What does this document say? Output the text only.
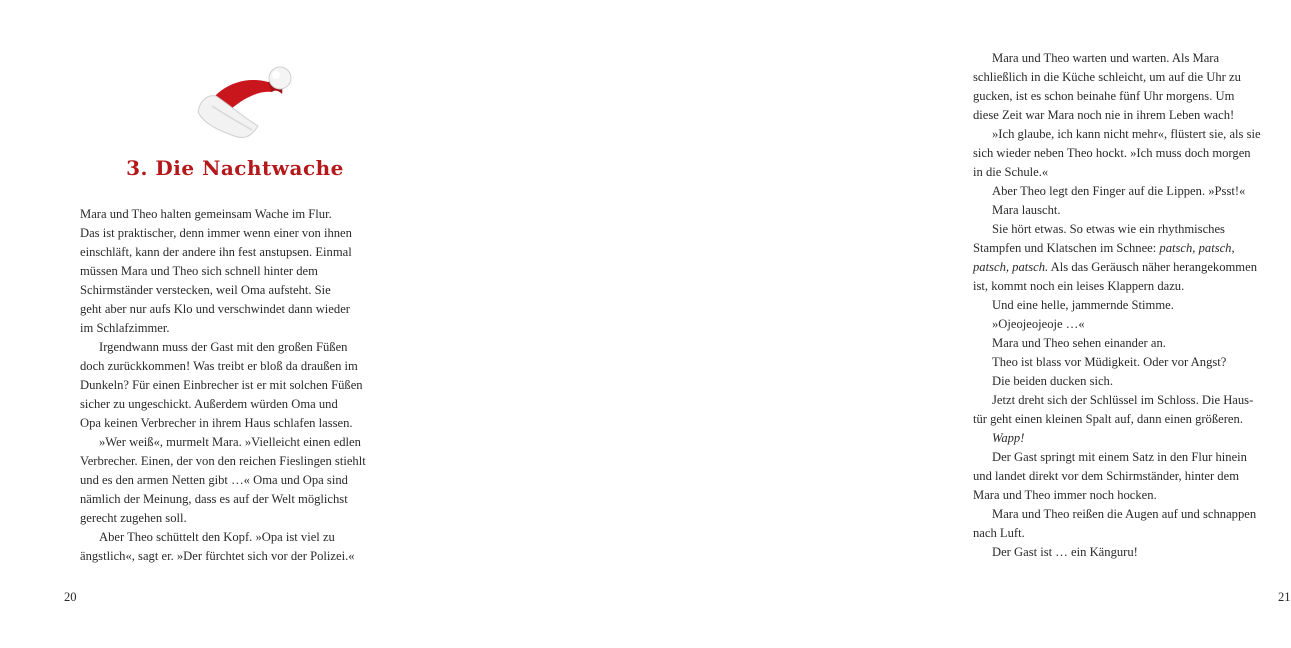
3. Die Nachtwache

Mara und Theo halten gemeinsam Wache im Flur.
Das ist praktischer, denn immer wenn einer von ihnen
einschläft, kann der andere ihn fest anstupsen. Einmal
müssen Mara und Theo sich schnell hinter dem
Schirmständer verstecken, weil Oma aufsteht. Sie
geht aber nur aufs Klo und verschwindet dann wieder
im Schlafzimmer.

Irgendwann muss der Gast mit den großen Füßen
doch zurückkommen! Was treibt er bloß da draußen im
Dunkeln? Für einen Einbrecher ist er mit solchen Füßen
sicher zu ungeschickt. Außerdem würden Oma und
Opa keinen Verbrecher in ihrem Haus schlafen lassen.

»Wer weiß«, murmelt Mara. »Vielleicht einen edlen
Verbrecher. Einen, der von den reichen Fieslingen stiehlt
und es den armen Netten gibt …« Oma und Opa sind
nämlich der Meinung, dass es auf der Welt möglichst
gerecht zugehen soll.

Aber Theo schüttelt den Kopf. »Opa ist viel zu
ängstlich«, sagt er. »Der fürchtet sich vor der Polizei.«

20

Mara und Theo warten und warten. Als Mara
schließlich in die Küche schleicht, um auf die Uhr zu
gucken, ist es schon beinahe fünf Uhr morgens. Um
diese Zeit war Mara noch nie in ihrem Leben wach!

»Ich glaube, ich kann nicht mehr«, flüstert sie, als sie
sich wieder neben Theo hockt. »Ich muss doch morgen
in die Schule.«

Aber Theo legt den Finger auf die Lippen. »Psst!«

Mara lauscht.

Sie hört etwas. So etwas wie ein rhythmisches
Stampfen und Klatschen im Schnee: patsch, patsch,
patsch, patsch. Als das Geräusch näher herangekommen
ist, kommt noch ein leises Klappern dazu.

Und eine helle, jammernde Stimme.

»Ojeojeojeoje …«

Mara und Theo sehen einander an.

Theo ist blass vor Müdigkeit. Oder vor Angst?

Die beiden ducken sich.

Jetzt dreht sich der Schlüssel im Schloss. Die Haus-
tür geht einen kleinen Spalt auf, dann einen größeren.

Wapp!

Der Gast springt mit einem Satz in den Flur hinein
und landet direkt vor dem Schirmständer, hinter dem
Mara und Theo immer noch hocken.

Mara und Theo reißen die Augen auf und schnappen
nach Luft.

Der Gast ist … ein Känguru!

21
